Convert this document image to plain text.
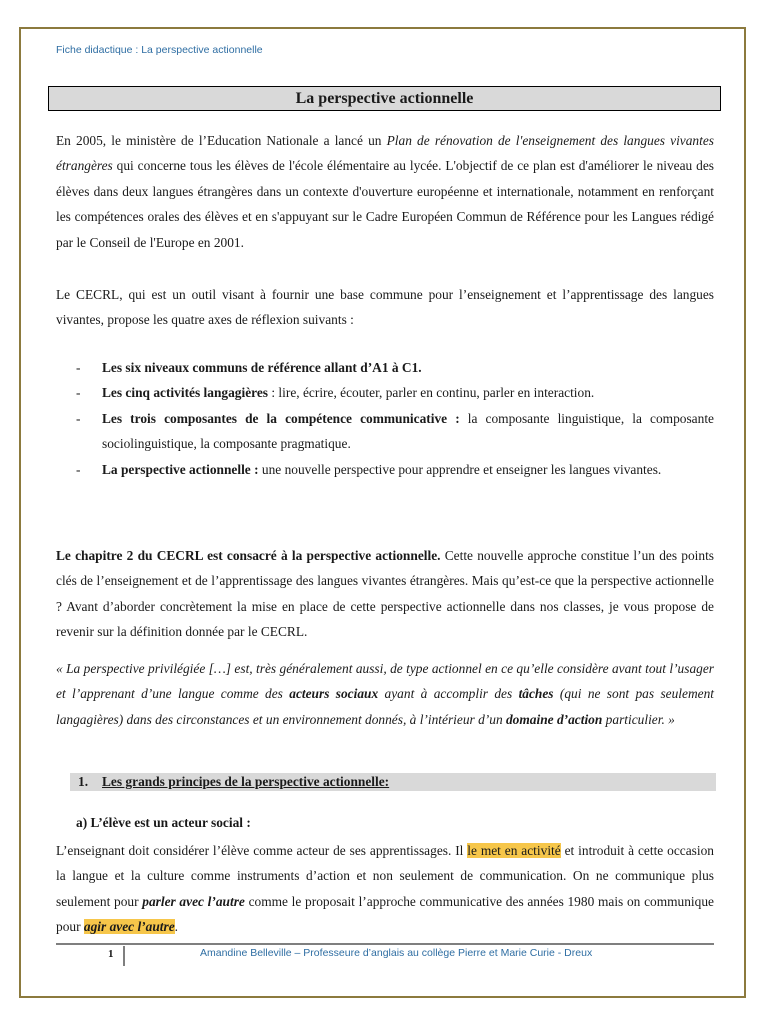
Fiche didactique : La perspective actionnelle
La perspective actionnelle

En 2005, le ministère de l’Education Nationale a lancé un Plan de rénovation de l'enseignement des langues vivantes étrangères qui concerne tous les élèves de l'école élémentaire au lycée. L'objectif de ce plan est d'améliorer le niveau des élèves dans deux langues étrangères dans un contexte d'ouverture européenne et internationale, notamment en renforçant les compétences orales des élèves et en s'appuyant sur le Cadre Européen Commun de Référence pour les Langues rédigé par le Conseil de l'Europe en 2001.

Le CECRL, qui est un outil visant à fournir une base commune pour l’enseignement et l’apprentissage des langues vivantes, propose les quatre axes de réflexion suivants :

- Les six niveaux communs de référence allant d’A1 à C1.
- Les cinq activités langagières : lire, écrire, écouter, parler en continu, parler en interaction.
- Les trois composantes de la compétence communicative : la composante linguistique, la composante sociolinguistique, la composante pragmatique.
- La perspective actionnelle : une nouvelle perspective pour apprendre et enseigner les langues vivantes.

Le chapitre 2 du CECRL est consacré à la perspective actionnelle. Cette nouvelle approche constitue l’un des points clés de l’enseignement et de l’apprentissage des langues vivantes étrangères. Mais qu’est-ce que la perspective actionnelle ? Avant d’aborder concrètement la mise en place de cette perspective actionnelle dans nos classes, je vous propose de revenir sur la définition donnée par le CECRL.

« La perspective privilégiée […] est, très généralement aussi, de type actionnel en ce qu’elle considère avant tout l’usager et l’apprenant d’une langue comme des acteurs sociaux ayant à accomplir des tâches (qui ne sont pas seulement langagières) dans des circonstances et un environnement donnés, à l’intérieur d’un domaine d’action particulier. »
1. Les grands principes de la perspective actionnelle:
a) L’élève est un acteur social :

L’enseignant doit considérer l’élève comme acteur de ses apprentissages. Il le met en activité et introduit à cette occasion la langue et la culture comme instruments d’action et non seulement de communication. On ne communique plus seulement pour parler avec l’autre comme le proposait l’approche communicative des années 1980 mais on communique pour agir avec l’autre.

1	Amandine Belleville – Professeure d’anglais au collège Pierre et Marie Curie - Dreux
